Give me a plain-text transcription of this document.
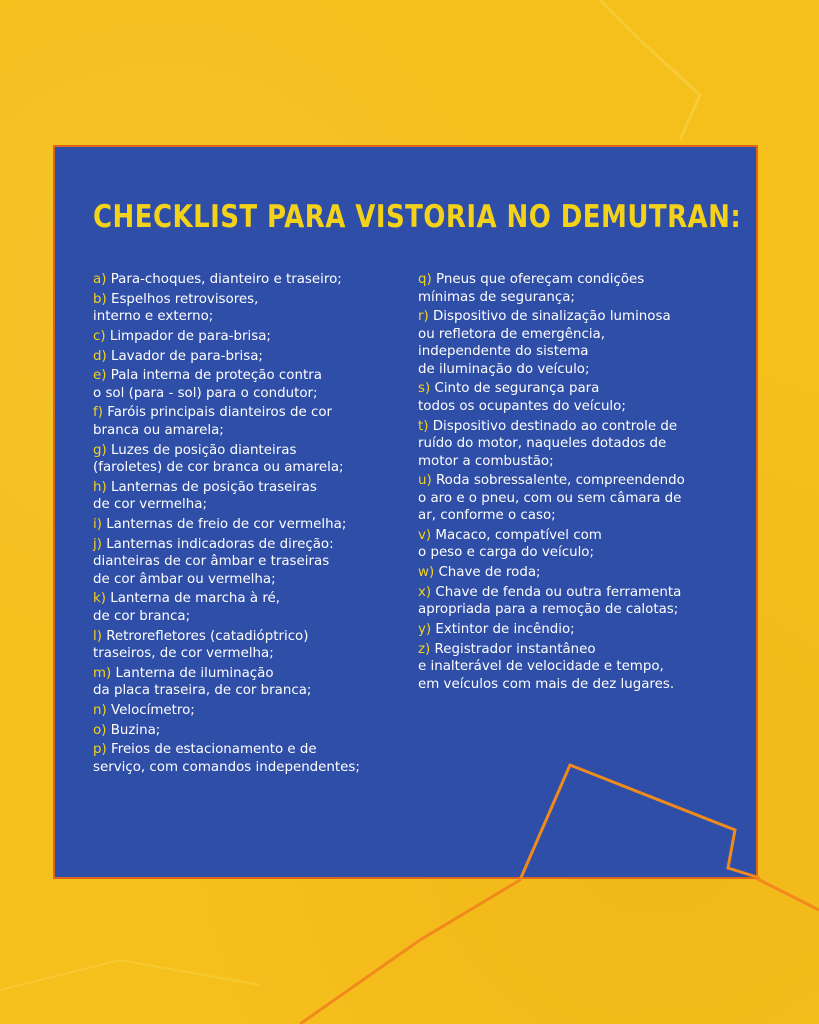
CHECKLIST PARA VISTORIA NO DEMUTRAN:
a) Para-choques, dianteiro e traseiro;
b) Espelhos retrovisores,
interno e externo;
c) Limpador de para-brisa;
d) Lavador de para-brisa;
e) Pala interna de proteção contra
o sol (para - sol) para o condutor;
f) Faróis principais dianteiros de cor
branca ou amarela;
g) Luzes de posição dianteiras
(faroletes) de cor branca ou amarela;
h) Lanternas de posição traseiras
de cor vermelha;
i) Lanternas de freio de cor vermelha;
j) Lanternas indicadoras de direção:
dianteiras de cor âmbar e traseiras
de cor âmbar ou vermelha;
k) Lanterna de marcha à ré,
de cor branca;
l) Retrorefletores (catadióptrico)
traseiros, de cor vermelha;
m) Lanterna de iluminação
da placa traseira, de cor branca;
n) Velocímetro;
o) Buzina;
p) Freios de estacionamento e de
serviço, com comandos independentes;
q) Pneus que ofereçam condições
mínimas de segurança;
r) Dispositivo de sinalização luminosa
ou refletora de emergência,
independente do sistema
de iluminação do veículo;
s) Cinto de segurança para
todos os ocupantes do veículo;
t) Dispositivo destinado ao controle de
ruído do motor, naqueles dotados de
motor a combustão;
u) Roda sobressalente, compreendendo
o aro e o pneu, com ou sem câmara de
ar, conforme o caso;
v) Macaco, compatível com
o peso e carga do veículo;
w) Chave de roda;
x) Chave de fenda ou outra ferramenta
apropriada para a remoção de calotas;
y) Extintor de incêndio;
z) Registrador instantâneo
e inalterável de velocidade e tempo,
em veículos com mais de dez lugares.
